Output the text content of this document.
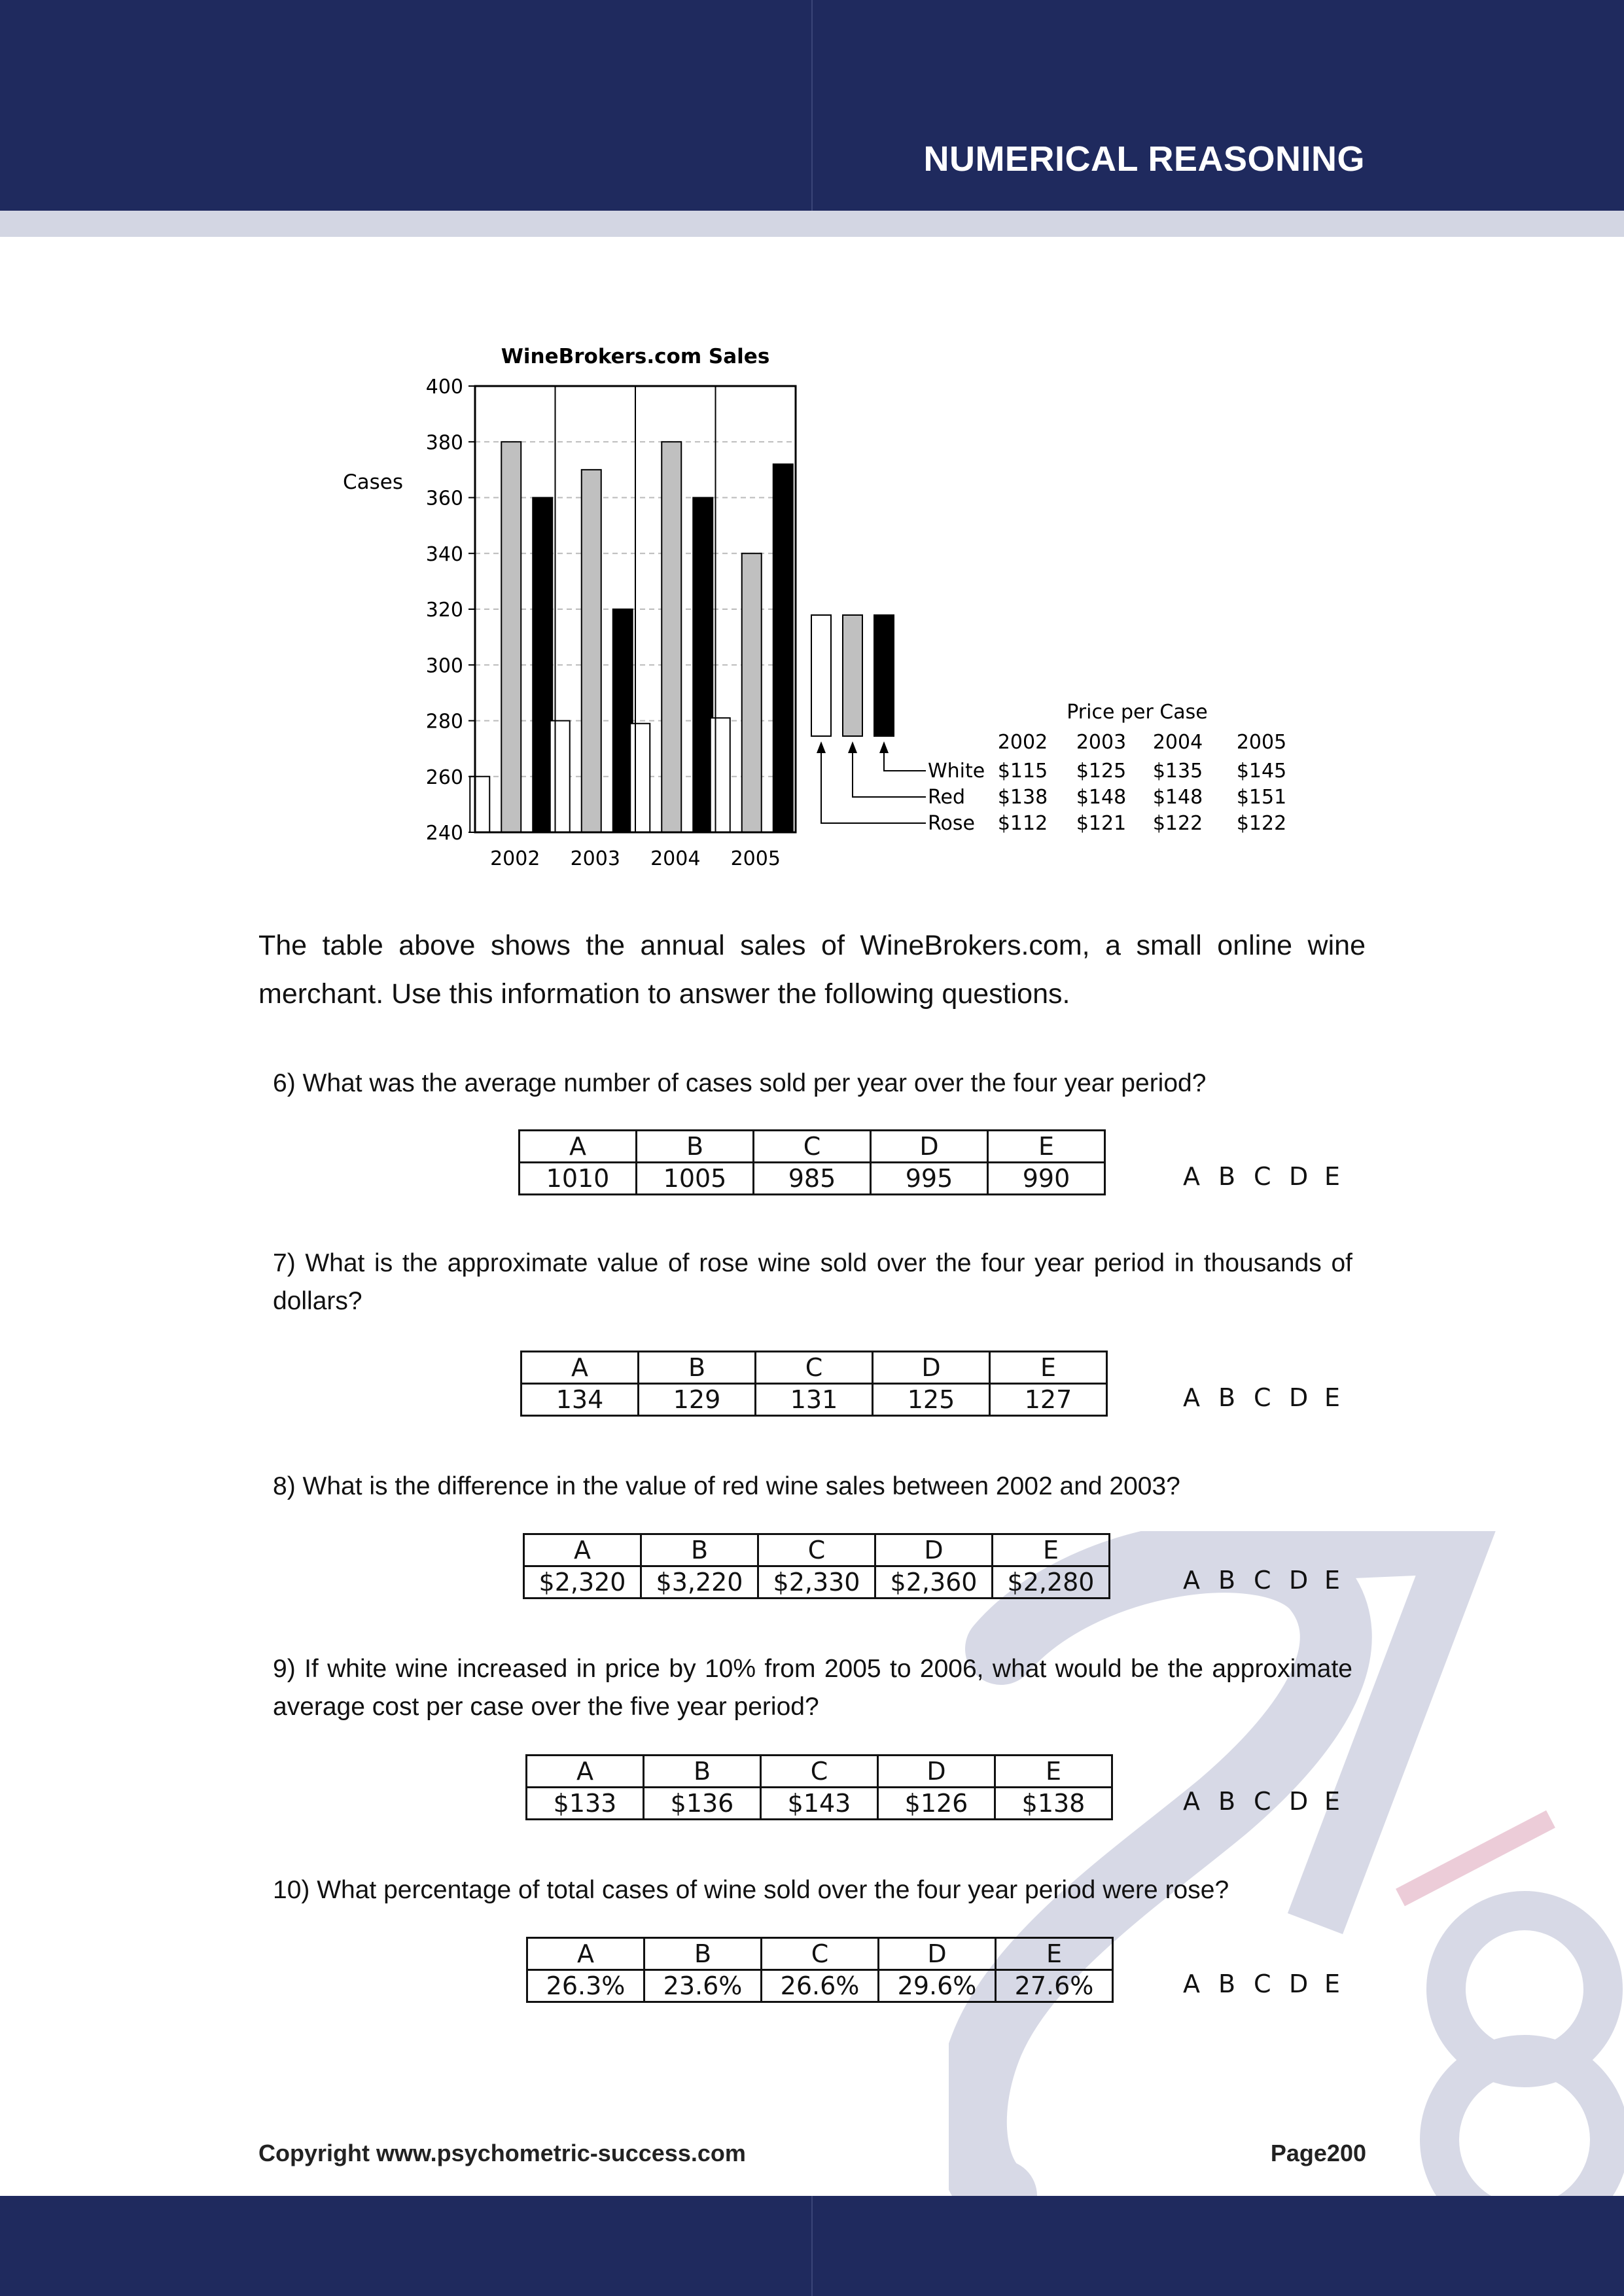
NUMERICAL REASONING
WineBrokers.com Sales
Cases
240
260
280
300
320
340
360
380
400
2002 2003 2004 2005
Price per Case
2002 2003 2004 2005
White $115 $125 $135 $145
Red $138 $148 $148 $151
Rose $112 $121 $122 $122
The table above shows the annual sales of WineBrokers.com, a small online wine merchant. Use this information to answer the following questions.
6) What was the average number of cases sold per year over the four year period?
A	B	C	D	E
1010	1005	985	995	990	A B C D E
7) What is the approximate value of rose wine sold over the four year period in thousands of dollars?
A	B	C	D	E
134	129	131	125	127	A B C D E
8) What is the difference in the value of red wine sales between 2002 and 2003?
A	B	C	D	E
$2,320	$3,220	$2,330	$2,360	$2,280	A B C D E
9) If white wine increased in price by 10% from 2005 to 2006, what would be the approximate average cost per case over the five year period?
A	B	C	D	E
$133	$136	$143	$126	$138	A B C D E
10) What percentage of total cases of wine sold over the four year period were rose?
A	B	C	D	E
26.3%	23.6%	26.6%	29.6%	27.6%	A B C D E
Copyright www.psychometric-success.com	Page200
